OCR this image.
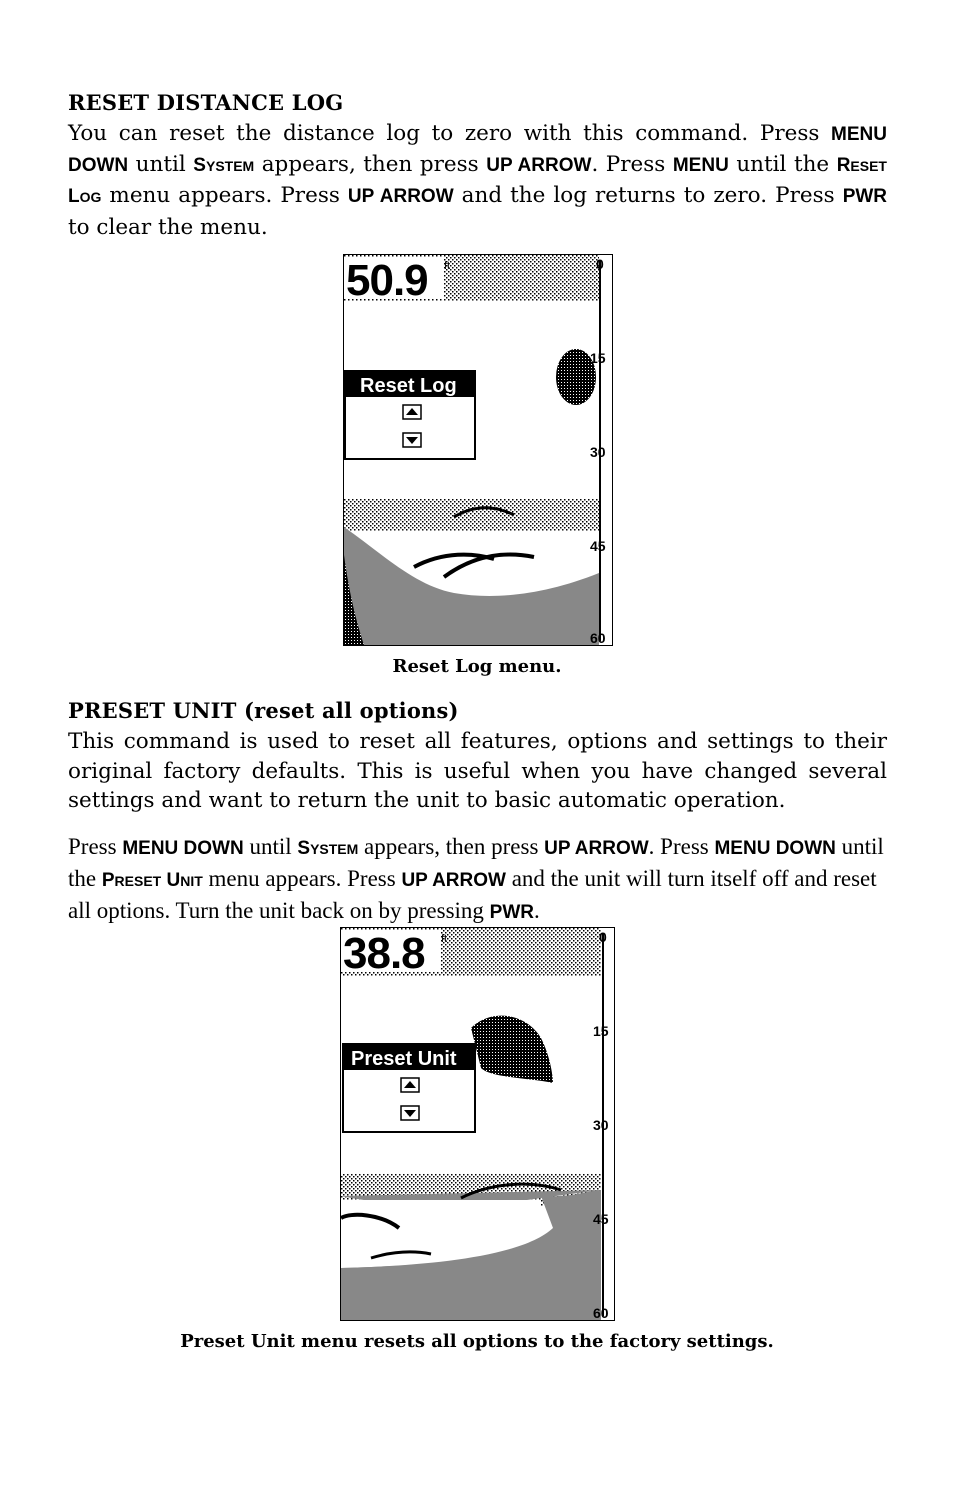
RESET DISTANCE LOG

You can reset the distance log to zero with this command. Press MENU DOWN until SYSTEM appears, then press UP ARROW. Press MENU until the RESET LOG menu appears. Press UP ARROW and the log returns to zero. Press PWR to clear the menu.

0
15
30
45
60
50.9 ft
Reset Log
Reset Log menu.
PRESET UNIT (reset all options)

This command is used to reset all features, options and settings to their original factory defaults. This is useful when you have changed several settings and want to return the unit to basic automatic operation.

Press MENU DOWN until SYSTEM appears, then press UP ARROW. Press MENU DOWN until the PRESET UNIT menu appears. Press UP ARROW and the unit will turn itself off and reset all options. Turn the unit back on by pressing PWR.

0
15
30
45
60
38.8 ft
Preset Unit
Preset Unit menu resets all options to the factory settings.
